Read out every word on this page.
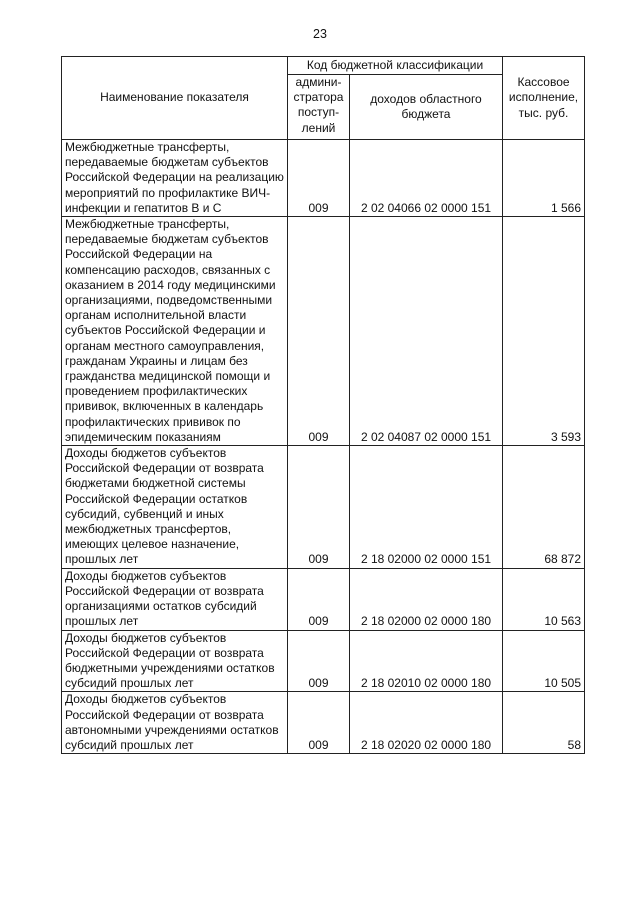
23
Наименование показателя	Код бюджетной классификации		Кассовое исполнение, тыс. руб.
	админи-стратора поступ-лений	доходов областного бюджета	
Межбюджетные трансферты, передаваемые бюджетам субъектов Российской Федерации на реализацию мероприятий по профилактике ВИЧ-инфекции и гепатитов В и С	009	2 02 04066 02 0000 151	1 566
Межбюджетные трансферты, передаваемые бюджетам субъектов Российской Федерации на компенсацию расходов, связанных с оказанием в 2014 году медицинскими организациями, подведомственными органам исполнительной власти субъектов Российской Федерации и органам местного самоуправления, гражданам Украины и лицам без гражданства медицинской помощи и проведением профилактических прививок, включенных в календарь профилактических прививок по эпидемическим показаниям	009	2 02 04087 02 0000 151	3 593
Доходы бюджетов субъектов Российской Федерации от возврата бюджетами бюджетной системы Российской Федерации остатков субсидий, субвенций и иных межбюджетных трансфертов, имеющих целевое назначение, прошлых лет	009	2 18 02000 02 0000 151	68 872
Доходы бюджетов субъектов Российской Федерации от возврата организациями остатков субсидий прошлых лет	009	2 18 02000 02 0000 180	10 563
Доходы бюджетов субъектов Российской Федерации от возврата бюджетными учреждениями остатков субсидий прошлых лет	009	2 18 02010 02 0000 180	10 505
Доходы бюджетов субъектов Российской Федерации от возврата автономными учреждениями остатков субсидий прошлых лет	009	2 18 02020 02 0000 180	58
